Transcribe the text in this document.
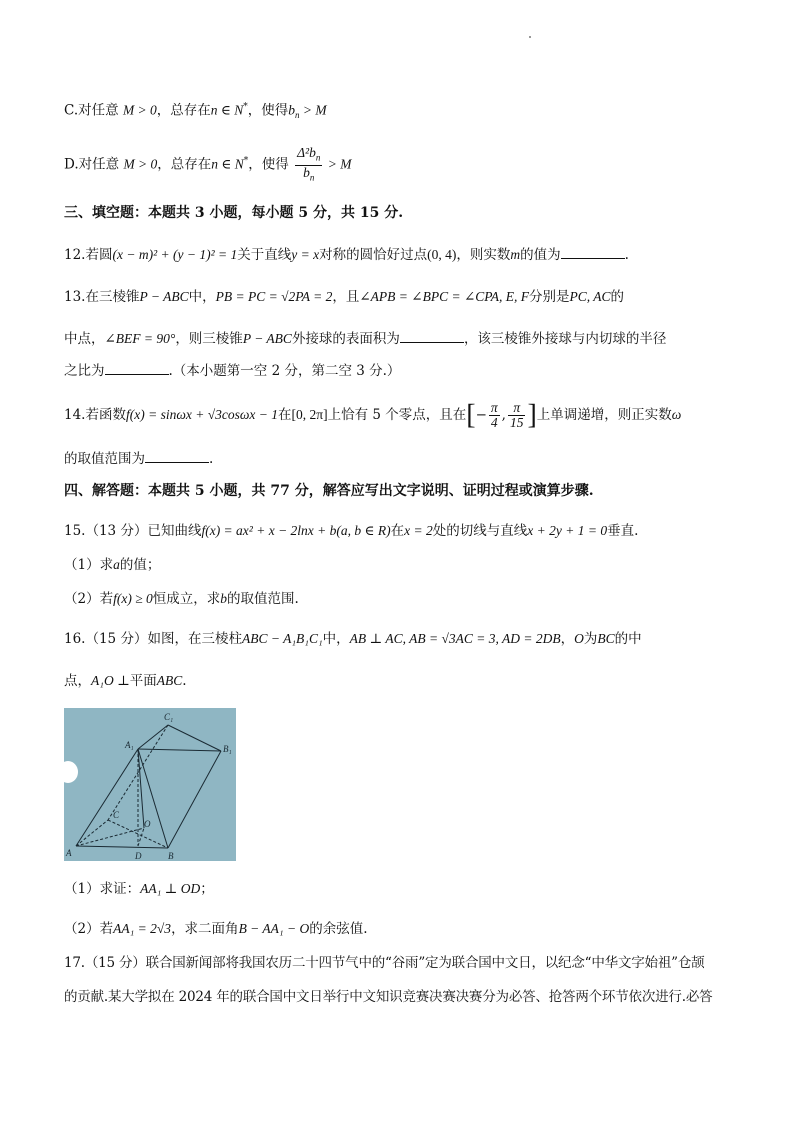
C.对任意 M > 0，总存在n ∈ N*，使得$b_n > M$
D.对任意 M > 0，总存在n ∈ N*，使得 $\frac{\Delta^2b_n}{b_n} > M$
三、填空题：本题共 3 小题，每小题 5 分，共 15 分.
12.若圆(x − m)² + (y − 1)² = 1关于直线y = x对称的圆恰好过点(0, 4)，则实数m的值为	.
13.在三棱锥P − ABC中，PB = PC = √2PA = 2，且∠APB = ∠BPC = ∠CPA, E, F分别是PC, AC的
中点，∠BEF = 90°，则三棱锥P − ABC外接球的表面积为	，该三棱锥外接球与内切球的半径
之比为	.（本小题第一空 2 分，第二空 3 分.）
14.若函数f(x) = sinωx + √3cosωx − 1在[0, 2π]上恰有 5 个零点，且在[− $\frac{\pi}{4}$ , $\frac{\pi}{15}$ ]上单调递增，则正实数ω
的取值范围为	.
四、解答题：本题共 5 小题，共 77 分，解答应写出文字说明、证明过程或演算步骤.
15.（13 分）已知曲线f(x) = ax² + x − 2lnx + b(a, b ∈ R)在x = 2处的切线与直线x + 2y + 1 = 0垂直.
（1）求a的值；
（2）若f(x) ≥ 0恒成立，求b的取值范围.
16.（15 分）如图，在三棱柱ABC − A₁B₁C₁中，AB ⊥ AC, AB = √3AC = 3, AD = 2DB，O为BC的中
点，A₁O ⊥平面ABC.
C₁
A₁	B₁
C
O
A	D	B
（1）求证：AA₁ ⊥ OD；
（2）若AA₁ = 2√3，求二面角B − AA₁ − O的余弦值.
17.（15 分）联合国新闻部将我国农历二十四节气中的“谷雨”定为联合国中文日，以纪念“中华文字始祖”仓颉
的贡献.某大学拟在 2024 年的联合国中文日举行中文知识竞赛决赛决赛分为必答、抢答两个环节依次进行.必答
